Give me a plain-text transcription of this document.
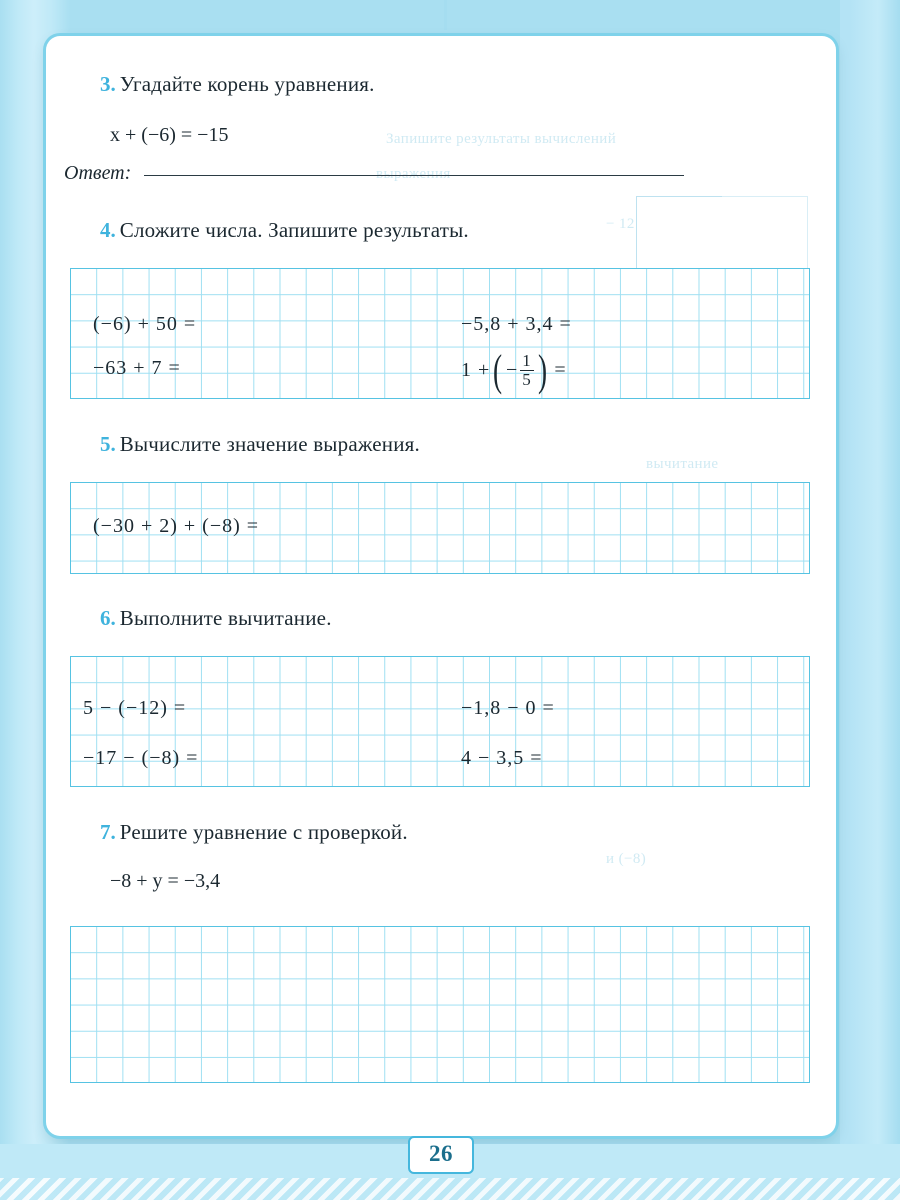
Запишите результаты вычислений
выражения
− 12
вычитание
и (−8)
3. Угадайте корень уравнения.
x + (−6) = −15
Ответ:
4. Сложите числа. Запишите результаты.
(−6) + 50 =	−5,8 + 3,4 =
−63 + 7 =	1 + ( − $\frac{1}{5}$ ) =
5. Вычислите значение выражения.
(−30 + 2) + (−8) =
6. Выполните вычитание.
5 − (−12) =	−1,8 − 0 =
−17 − (−8) =	4 − 3,5 =
7. Решите уравнение с проверкой.
−8 + y = −3,4
26
